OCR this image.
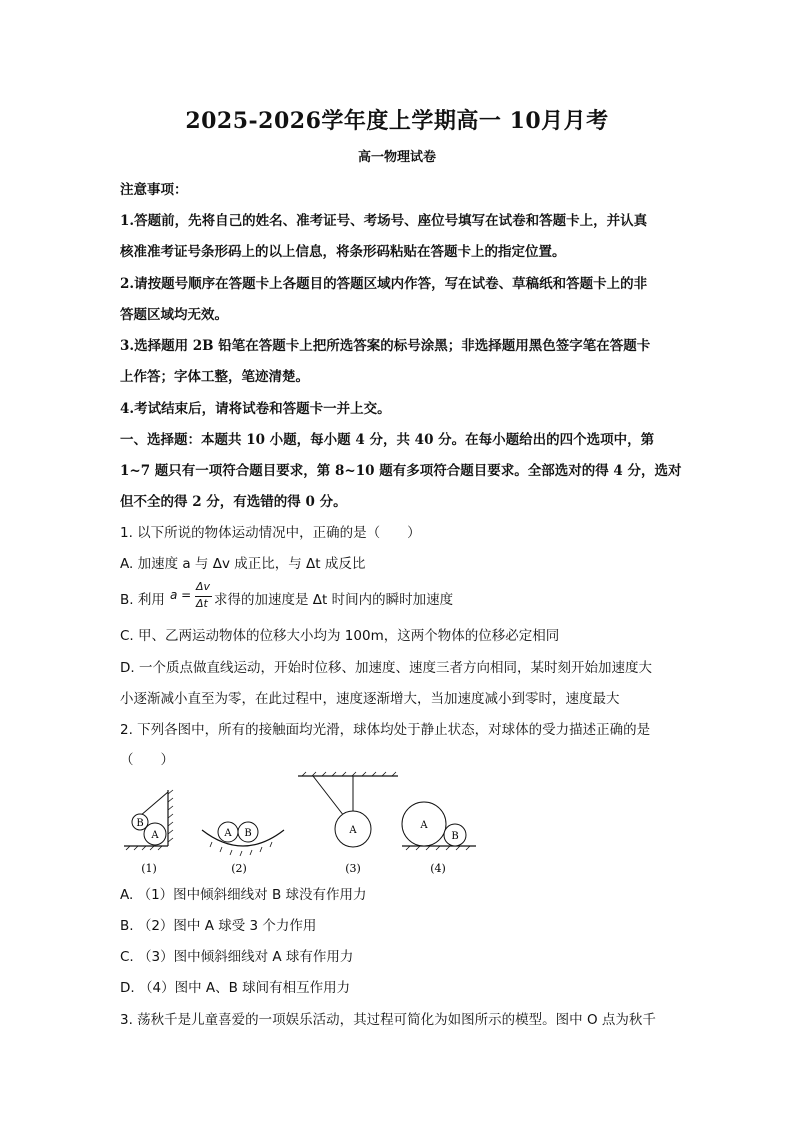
2025-2026学年度上学期高一 10月月考
高一物理试卷
注意事项：
1.答题前，先将自己的姓名、准考证号、考场号、座位号填写在试卷和答题卡上，并认真
核准准考证号条形码上的以上信息，将条形码粘贴在答题卡上的指定位置。
2.请按题号顺序在答题卡上各题目的答题区域内作答，写在试卷、草稿纸和答题卡上的非
答题区域均无效。
3.选择题用 2B 铅笔在答题卡上把所选答案的标号涂黑；非选择题用黑色签字笔在答题卡
上作答；字体工整，笔迹清楚。
4.考试结束后，请将试卷和答题卡一并上交。
一、选择题：本题共 10 小题，每小题 4 分，共 40 分。在每小题给出的四个选项中，第
1~7 题只有一项符合题目要求，第 8~10 题有多项符合题目要求。全部选对的得 4 分，选对
但不全的得 2 分，有选错的得 0 分。
1. 以下所说的物体运动情况中，正确的是（　　）
A. 加速度 a 与 Δv 成正比，与 Δt 成反比
B. 利用 a =
Δv
Δt 求得的加速度是 Δt 时间内的瞬时加速度
C. 甲、乙两运动物体的位移大小均为 100m，这两个物体的位移必定相同
D. 一个质点做直线运动，开始时位移、加速度、速度三者方向相同，某时刻开始加速度大
小逐渐减小直至为零，在此过程中，速度逐渐增大，当加速度减小到零时，速度最大
2. 下列各图中，所有的接触面均光滑，球体均处于静止状态，对球体的受力描述正确的是
（　　）
A
B
(1)
A B
(2)
A
(3)
A
B
(4)
A. （1）图中倾斜细线对 B 球没有作用力
B. （2）图中 A 球受 3 个力作用
C. （3）图中倾斜细线对 A 球有作用力
D. （4）图中 A、B 球间有相互作用力
3. 荡秋千是儿童喜爱的一项娱乐活动，其过程可简化为如图所示的模型。图中 O 点为秋千
